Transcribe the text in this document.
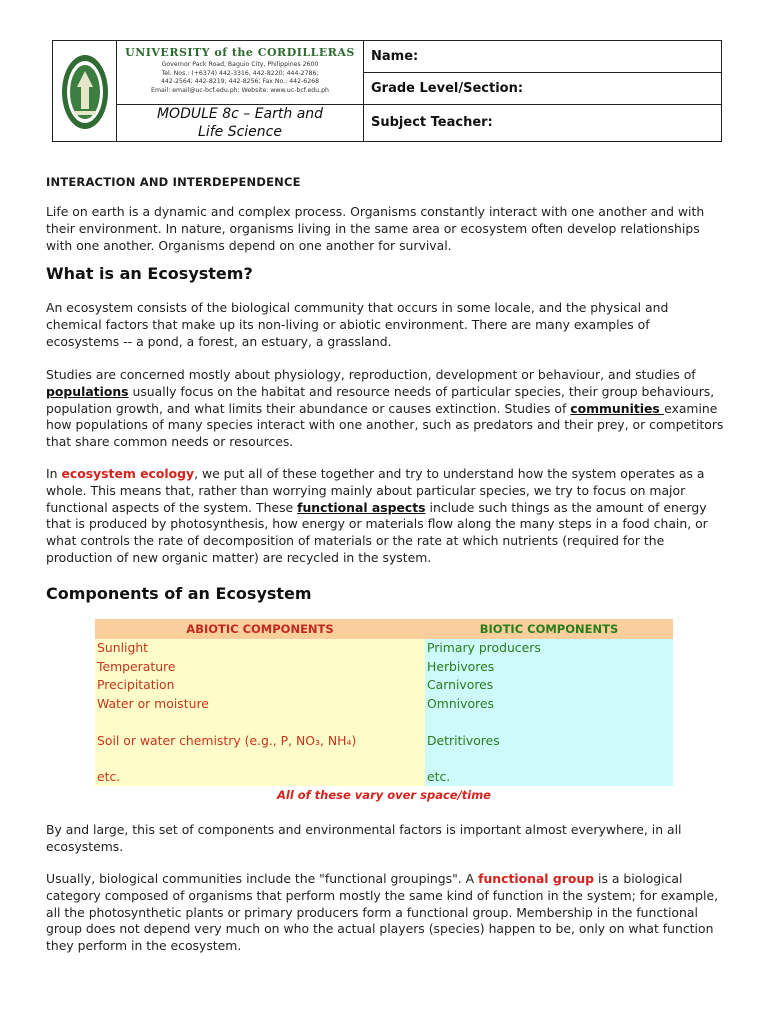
UNIVERSITY of the CORDILLERAS
Governor Pack Road, Baguio City, Philippines 2600
Tel. Nos.: (+6374) 442-3316, 442-8220; 444-2786;
442-2564; 442-8219; 442-8256; Fax No.: 442-6268
Email: email@uc-bcf.edu.ph; Website: www.uc-bcf.edu.ph
MODULE 8c – Earth and
Life Science
Name:
Grade Level/Section:
Subject Teacher:
INTERACTION AND INTERDEPENDENCE
Life on earth is a dynamic and complex process. Organisms constantly interact with one another and with their environment. In nature, organisms living in the same area or ecosystem often develop relationships with one another. Organisms depend on one another for survival.
What is an Ecosystem?
An ecosystem consists of the biological community that occurs in some locale, and the physical and chemical factors that make up its non-living or abiotic environment. There are many examples of ecosystems -- a pond, a forest, an estuary, a grassland.
Studies are concerned mostly about physiology, reproduction, development or behaviour, and studies of populations usually focus on the habitat and resource needs of particular species, their group behaviours, population growth, and what limits their abundance or causes extinction. Studies of communities examine how populations of many species interact with one another, such as predators and their prey, or competitors that share common needs or resources.
In ecosystem ecology, we put all of these together and try to understand how the system operates as a whole. This means that, rather than worrying mainly about particular species, we try to focus on major functional aspects of the system. These functional aspects include such things as the amount of energy that is produced by photosynthesis, how energy or materials flow along the many steps in a food chain, or what controls the rate of decomposition of materials or the rate at which nutrients (required for the production of new organic matter) are recycled in the system.
Components of an Ecosystem
ABIOTIC COMPONENTS	BIOTIC COMPONENTS
Sunlight
Temperature
Precipitation
Water or moisture
Soil or water chemistry (e.g., P, NO₃, NH₄)
etc.
Primary producers
Herbivores
Carnivores
Omnivores
Detritivores
etc.
All of these vary over space/time
By and large, this set of components and environmental factors is important almost everywhere, in all ecosystems.
Usually, biological communities include the "functional groupings". A functional group is a biological category composed of organisms that perform mostly the same kind of function in the system; for example, all the photosynthetic plants or primary producers form a functional group. Membership in the functional group does not depend very much on who the actual players (species) happen to be, only on what function they perform in the ecosystem.
